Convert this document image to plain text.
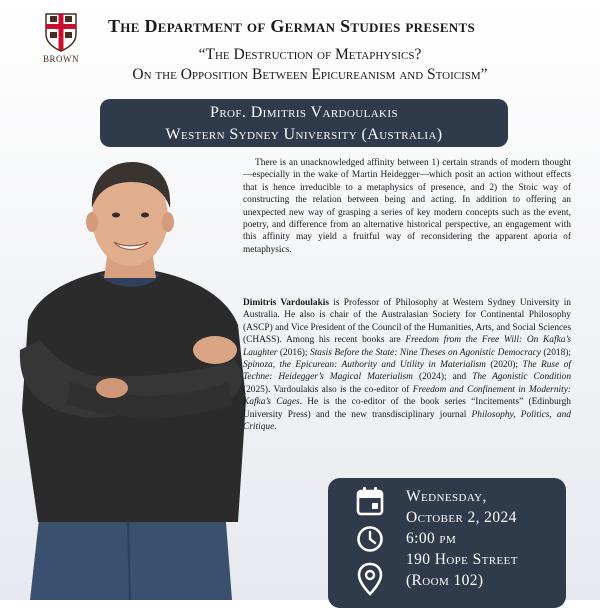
BROWN
The Department of German Studies presents
“The Destruction of Metaphysics?
On the Opposition Between Epicureanism and Stoicism”
Prof. Dimitris Vardoulakis
Western Sydney University (Australia)
There is an unacknowledged affinity between 1) certain strands of modern thought —especially in the wake of Martin Heidegger—which posit an action without effects that is hence irreducible to a metaphysics of presence, and 2) the Stoic way of constructing the relation between being and acting. In addition to offering an unexpected new way of grasping a series of key modern concepts such as the event, poetry, and difference from an alternative historical perspective, an engagement with this affinity may yield a fruitful way of reconsidering the apparent aporia of metaphysics.
Dimitris Vardoulakis is Professor of Philosophy at Western Sydney University in Australia. He also is chair of the Australasian Society for Continental Philosophy (ASCP) and Vice President of the Council of the Humanities, Arts, and Social Sciences (CHASS). Among his recent books are Freedom from the Free Will: On Kafka’s Laughter (2016); Stasis Before the State: Nine Theses on Agonistic Democracy (2018); Spinoza, the Epicurean: Authority and Utility in Materialism (2020); The Ruse of Techne: Heidegger’s Magical Materialism (2024); and The Agonistic Condition (2025). Vardoulakis also is the co-editor of Freedom and Confinement in Modernity: Kafka’s Cages. He is the co-editor of the book series “Incitements” (Edinburgh University Press) and the new transdisciplinary journal Philosophy, Politics, and Critique.
Wednesday,
October 2, 2024
6:00 pm
190 Hope Street
(Room 102)
